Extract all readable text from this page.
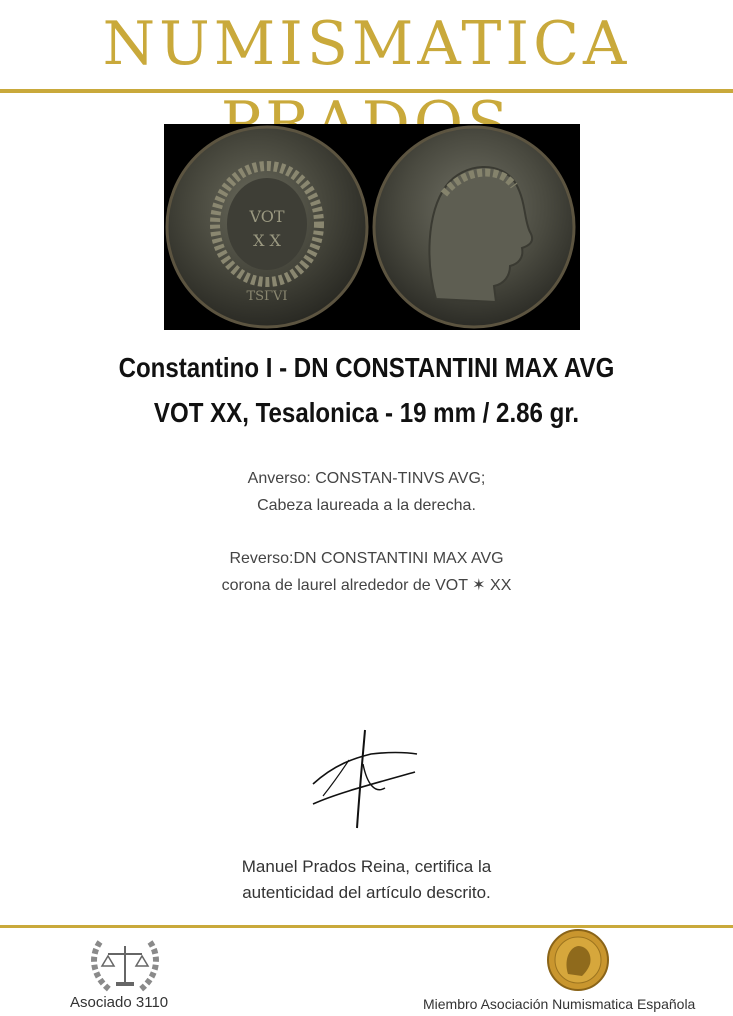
NUMISMATICA
VOT
X X
TSΓVI
Constantino I - DN CONSTANTINI MAX AVG
VOT XX, Tesalonica - 19 mm / 2.86 gr.
Anverso: CONSTAN-TINVS AVG;
Cabeza laureada a la derecha.
Reverso:DN CONSTANTINI MAX AVG
corona de laurel alrededor de VOT ✶ XX
Manuel Prados Reina, certifica la
autenticidad del artículo descrito.
Asociado 3110	Miembro Asociación Numismatica Española
